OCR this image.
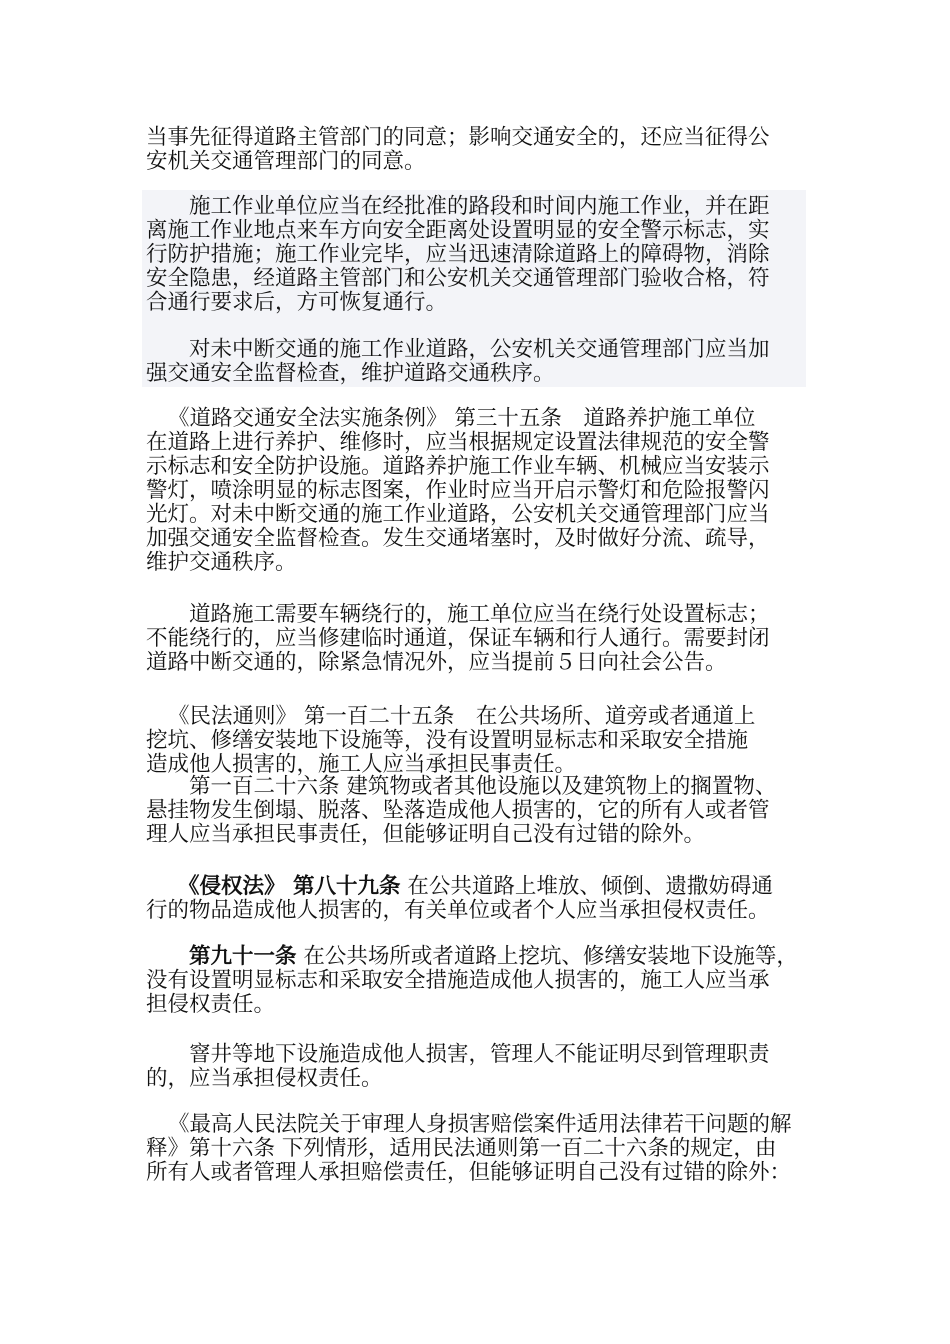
当事先征得道路主管部门的同意；影响交通安全的，还应当征得公
安机关交通管理部门的同意。

施工作业单位应当在经批准的路段和时间内施工作业，并在距
离施工作业地点来车方向安全距离处设置明显的安全警示标志，实
行防护措施；施工作业完毕，应当迅速清除道路上的障碍物，消除
安全隐患，经道路主管部门和公安机关交通管理部门验收合格，符
合通行要求后，方可恢复通行。

对未中断交通的施工作业道路，公安机关交通管理部门应当加
强交通安全监督检查，维护道路交通秩序。

《道路交通安全法实施条例》 第三十五条　道路养护施工单位
在道路上进行养护、维修时，应当根据规定设置法律规范的安全警
示标志和安全防护设施。道路养护施工作业车辆、机械应当安装示
警灯，喷涂明显的标志图案，作业时应当开启示警灯和危险报警闪
光灯。对未中断交通的施工作业道路，公安机关交通管理部门应当
加强交通安全监督检查。发生交通堵塞时，及时做好分流、疏导，
维护交通秩序。

道路施工需要车辆绕行的，施工单位应当在绕行处设置标志；
不能绕行的，应当修建临时通道，保证车辆和行人通行。需要封闭
道路中断交通的，除紧急情况外，应当提前５日向社会公告。

《民法通则》 第一百二十五条　在公共场所、道旁或者通道上
挖坑、修缮安装地下设施等，没有设置明显标志和采取安全措施
造成他人损害的，施工人应当承担民事责任。

第一百二十六条 建筑物或者其他设施以及建筑物上的搁置物、
悬挂物发生倒塌、脱落、坠落造成他人损害的，它的所有人或者管
理人应当承担民事责任，但能够证明自己没有过错的除外。

《侵权法》 第八十九条 在公共道路上堆放、倾倒、遗撒妨碍通
行的物品造成他人损害的，有关单位或者个人应当承担侵权责任。

第九十一条 在公共场所或者道路上挖坑、修缮安装地下设施等，
没有设置明显标志和采取安全措施造成他人损害的，施工人应当承
担侵权责任。

窨井等地下设施造成他人损害，管理人不能证明尽到管理职责
的，应当承担侵权责任。

《最高人民法院关于审理人身损害赔偿案件适用法律若干问题的解
释》第十六条 下列情形，适用民法通则第一百二十六条的规定，由
所有人或者管理人承担赔偿责任，但能够证明自己没有过错的除外：
